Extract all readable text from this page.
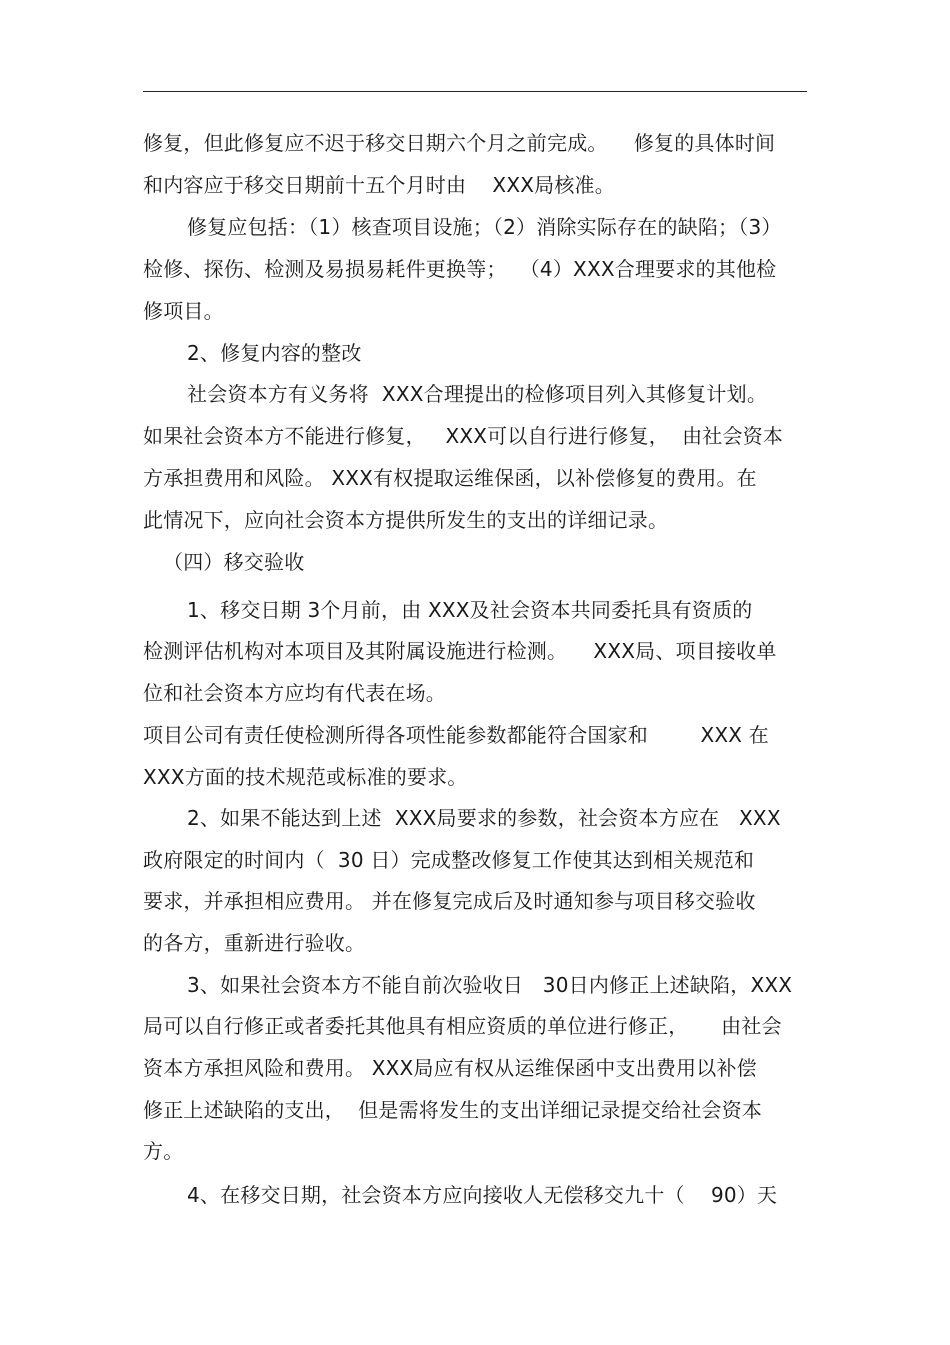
修复，但此修复应不迟于移交日期六个月之前完成。    修复的具体时间
和内容应于移交日期前十五个月时由    XXX局核准。
修复应包括：（1）核查项目设施；（2）消除实际存在的缺陷；（3）
检修、探伤、检测及易损易耗件更换等；  （4）XXX合理要求的其他检
修项目。
2、修复内容的整改
社会资本方有义务将  XXX合理提出的检修项目列入其修复计划。
如果社会资本方不能进行修复，   XXX可以自行进行修复，  由社会资本
方承担费用和风险。 XXX有权提取运维保函，以补偿修复的费用。在
此情况下，应向社会资本方提供所发生的支出的详细记录。
（四）移交验收
1、移交日期 3个月前，由 XXX及社会资本共同委托具有资质的
检测评估机构对本项目及其附属设施进行检测。    XXX局、项目接收单
位和社会资本方应均有代表在场。
项目公司有责任使检测所得各项性能参数都能符合国家和        XXX 在
XXX方面的技术规范或标准的要求。
2、如果不能达到上述  XXX局要求的参数，社会资本方应在   XXX
政府限定的时间内（  30 日）完成整改修复工作使其达到相关规范和
要求，并承担相应费用。 并在修复完成后及时通知参与项目移交验收
的各方，重新进行验收。
3、如果社会资本方不能自前次验收日   30日内修正上述缺陷，XXX
局可以自行修正或者委托其他具有相应资质的单位进行修正，     由社会
资本方承担风险和费用。 XXX局应有权从运维保函中支出费用以补偿
修正上述缺陷的支出，  但是需将发生的支出详细记录提交给社会资本
方。
4、在移交日期，社会资本方应向接收人无偿移交九十（    90）天
